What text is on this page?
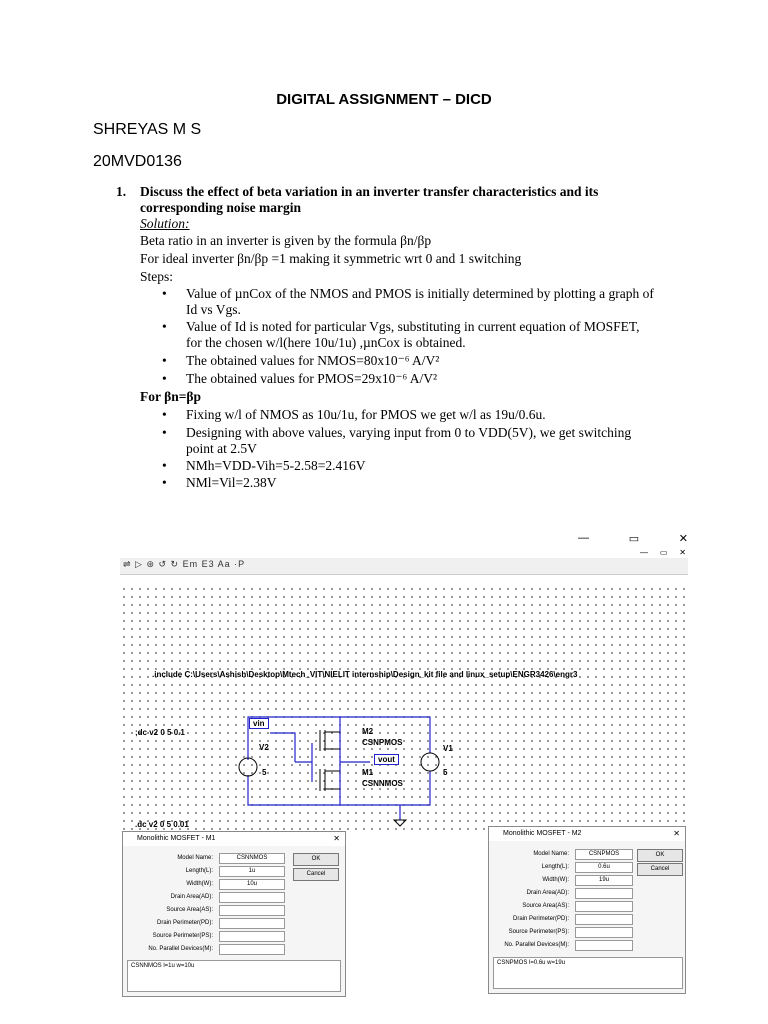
DIGITAL ASSIGNMENT – DICD
SHREYAS M S
20MVD0136
1. Discuss the effect of beta variation in an inverter transfer characteristics and its corresponding noise margin
Solution:
Beta ratio in an inverter is given by the formula βn/βp
For ideal inverter βn/βp =1 making it symmetric wrt 0 and 1 switching
Steps:
• Value of µnCox of the NMOS and PMOS is initially determined by plotting a graph of Id vs Vgs.
• Value of Id is noted for particular Vgs, substituting in current equation of MOSFET, for the chosen w/l(here 10u/1u) ,µnCox is obtained.
• The obtained values for NMOS=80x10⁻⁶ A/V²
• The obtained values for PMOS=29x10⁻⁶ A/V²
For βn=βp
• Fixing w/l of NMOS as 10u/1u, for PMOS we get w/l as 19u/0.6u.
• Designing with above values, varying input from 0 to VDD(5V), we get switching point at 2.5V
• NMh=VDD-Vih=5-2.58=2.416V
• NMl=Vil=2.38V
—	▭	✕
— ▭ ✕
⇌ ▷ ⊛ ↺ ↻ Em E3 Aa ·P
.include C:\Users\Ashish\Desktop\Mtech_VIT\NIELIT internship\Design_kit file and linux_setup\ENGR3426\engr3
;dc v2 0 5 0.1
.dc v2 0 5 0.01
vin
vout
V2
5
V1
5
M2
CSNPMOS
M1
CSNNMOS
Monolithic MOSFET - M1	✕
Model Name:	CSNNMOS
Length(L):	1u
Width(W):	10u
Drain Area(AD):
Source Area(AS):
Drain Perimeter(PD):
Source Perimeter(PS):
No. Parallel Devices(M):
OK
Cancel
CSNNMOS l=1u w=10u
Monolithic MOSFET - M2	✕
Model Name:	CSNPMOS
Length(L):	0.6u
Width(W):	19u
Drain Area(AD):
Source Area(AS):
Drain Perimeter(PD):
Source Perimeter(PS):
No. Parallel Devices(M):
OK
Cancel
CSNPMOS l=0.6u w=19u
